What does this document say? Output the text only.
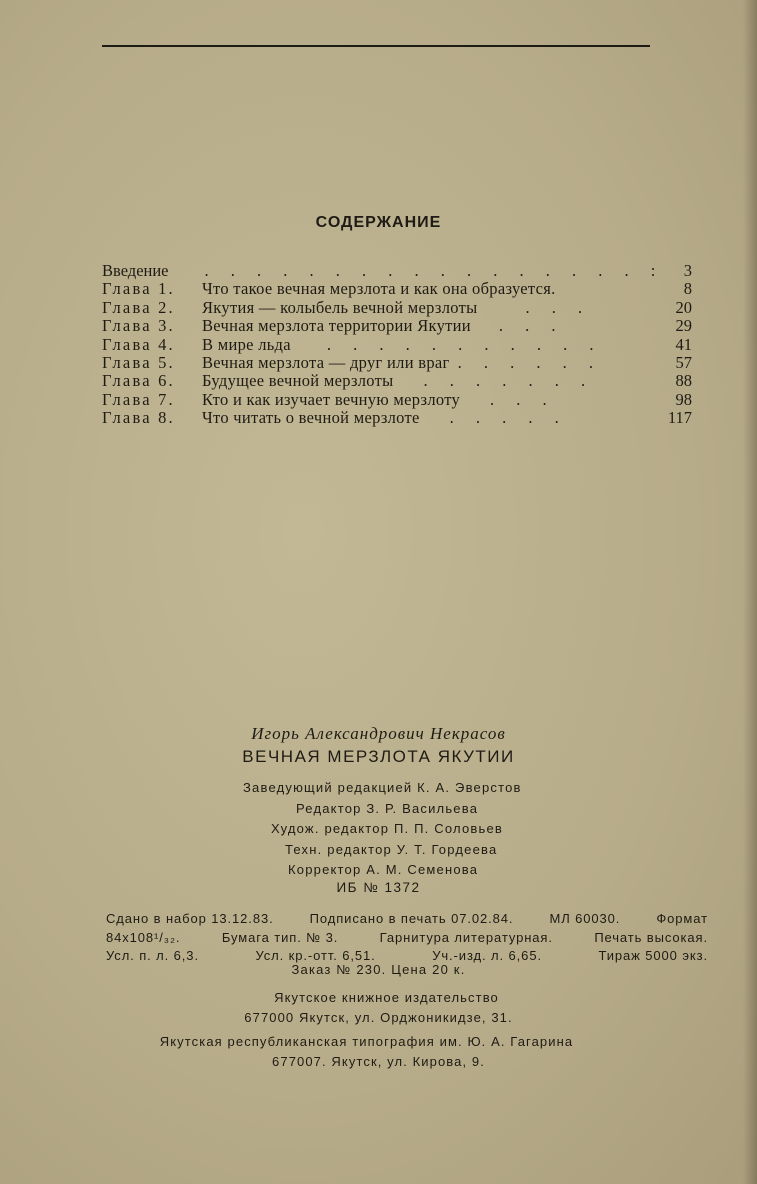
СОДЕРЖАНИЕ
Введение . . . . . . . . . . . . . . . . . : 3
Глава 1. Что такое вечная мерзлота и как она образуется.	8
Глава 2. Якутия — колыбель вечной мерзлоты	. . .	20
Глава 3. Вечная мерзлота территории Якутии . . .	29
Глава 4. В мире льда . . . . . . . . . . .	41
Глава 5. Вечная мерзлота — друг или враг . . . . . .	57
Глава 6. Будущее вечной мерзлоты . . . . . . .	88
Глава 7. Кто и как изучает вечную мерзлоту . . .	98
Глава 8. Что читать о вечной мерзлоте . . . . .	117
Игорь Александрович Некрасов
ВЕЧНАЯ МЕРЗЛОТА ЯКУТИИ
Заведующий редакцией К. А. Эверстов
Редактор З. Р. Васильева
Худож. редактор П. П. Соловьев
Техн. редактор У. Т. Гордеева
Корректор А. М. Семенова
ИБ № 1372
Сдано в набор 13.12.83.	Подписано в печать 07.02.84.	МЛ 60030.	Формат
84x108¹/₃₂.	Бумага тип. № 3.	Гарнитура литературная.	Печать высокая.
Усл. п. л. 6,3.	Усл. кр.-отт. 6,51.	Уч.-изд. л. 6,65.	Тираж 5000 экз.
Заказ № 230. Цена 20 к.
Якутское книжное издательство
677000 Якутск, ул. Орджоникидзе, 31.
Якутская республиканская типография им. Ю. А. Гагарина
677007. Якутск, ул. Кирова, 9.
